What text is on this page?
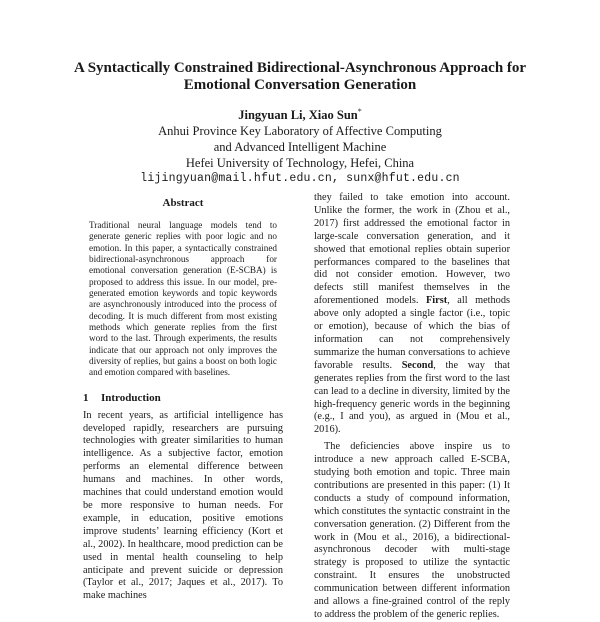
A Syntactically Constrained Bidirectional-Asynchronous Approach for
Emotional Conversation Generation
Jingyuan Li, Xiao Sun*
Anhui Province Key Laboratory of Affective Computing
and Advanced Intelligent Machine
Hefei University of Technology, Hefei, China
lijingyuan@mail.hfut.edu.cn, sunx@hfut.edu.cn
Abstract

Traditional neural language models tend to generate generic replies with poor logic and no emotion. In this paper, a syntactically constrained bidirectional-asynchronous approach for emotional conversation generation (E-SCBA) is proposed to address this issue. In our model, pre-generated emotion keywords and topic keywords are asynchronously introduced into the process of decoding. It is much different from most existing methods which generate replies from the first word to the last. Through experiments, the results indicate that our approach not only improves the diversity of replies, but gains a boost on both logic and emotion compared with baselines.

1 Introduction

In recent years, as artificial intelligence has developed rapidly, researchers are pursuing technologies with greater similarities to human intelligence. As a subjective factor, emotion performs an elemental difference between humans and machines. In other words, machines that could understand emotion would be more responsive to human needs. For example, in education, positive emotions improve students’ learning efficiency (Kort et al., 2002). In healthcare, mood prediction can be used in mental health counseling to help anticipate and prevent suicide or depression (Taylor et al., 2017; Jaques et al., 2017). To make machines

they failed to take emotion into account. Unlike the former, the work in (Zhou et al., 2017) first addressed the emotional factor in large-scale conversation generation, and it showed that emotional replies obtain superior performances compared to the baselines that did not consider emotion. However, two defects still manifest themselves in the aforementioned models. First, all methods above only adopted a single factor (i.e., topic or emotion), because of which the bias of information can not comprehensively summarize the human conversations to achieve favorable results. Second, the way that generates replies from the first word to the last can lead to a decline in diversity, limited by the high-frequency generic words in the beginning (e.g., I and you), as argued in (Mou et al., 2016).

The deficiencies above inspire us to introduce a new approach called E-SCBA, studying both emotion and topic. Three main contributions are presented in this paper: (1) It conducts a study of compound information, which constitutes the syntactic constraint in the conversation generation. (2) Different from the work in (Mou et al., 2016), a bidirectional-asynchronous decoder with multi-stage strategy is proposed to utilize the syntactic constraint. It ensures the unobstructed communication between different information and allows a fine-grained control of the reply to address the problem of the generic replies.
